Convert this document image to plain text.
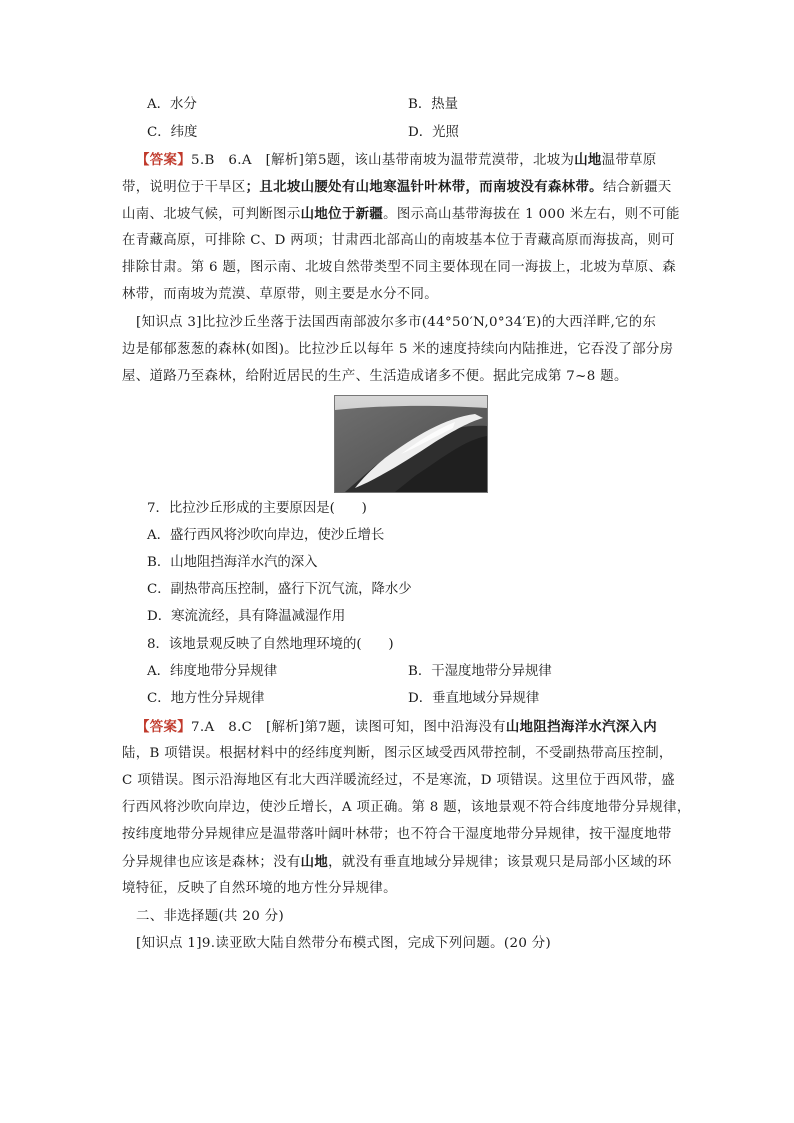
A．水分	B．热量
C．纬度	D．光照
【答案】5.B　6.A　[解析]第5题，该山基带南坡为温带荒漠带，北坡为山地温带草原
带，说明位于干旱区；且北坡山腰处有山地寒温针叶林带，而南坡没有森林带。结合新疆天
山南、北坡气候，可判断图示山地位于新疆。图示高山基带海拔在 1 000 米左右，则不可能
在青藏高原，可排除 C、D 两项；甘肃西北部高山的南坡基本位于青藏高原而海拔高，则可
排除甘肃。第 6 题，图示南、北坡自然带类型不同主要体现在同一海拔上，北坡为草原、森
林带，而南坡为荒漠、草原带，则主要是水分不同。
[知识点 3]比拉沙丘坐落于法国西南部波尔多市(44°50′N,0°34′E)的大西洋畔,它的东
边是郁郁葱葱的森林(如图)。比拉沙丘以每年 5 米的速度持续向内陆推进，它吞没了部分房
屋、道路乃至森林，给附近居民的生产、生活造成诸多不便。据此完成第 7~8 题。
7．比拉沙丘形成的主要原因是(　　)
A．盛行西风将沙吹向岸边，使沙丘增长
B．山地阻挡海洋水汽的深入
C．副热带高压控制，盛行下沉气流，降水少
D．寒流流经，具有降温减湿作用
8．该地景观反映了自然地理环境的(　　)
A．纬度地带分异规律	B．干湿度地带分异规律
C．地方性分异规律	D．垂直地域分异规律
【答案】7.A　8.C　[解析]第7题，读图可知，图中沿海没有山地阻挡海洋水汽深入内
陆，B 项错误。根据材料中的经纬度判断，图示区域受西风带控制，不受副热带高压控制，
C 项错误。图示沿海地区有北大西洋暖流经过，不是寒流，D 项错误。这里位于西风带，盛
行西风将沙吹向岸边，使沙丘增长，A 项正确。第 8 题，该地景观不符合纬度地带分异规律，
按纬度地带分异规律应是温带落叶阔叶林带；也不符合干湿度地带分异规律，按干湿度地带
分异规律也应该是森林；没有山地，就没有垂直地域分异规律；该景观只是局部小区域的环
境特征，反映了自然环境的地方性分异规律。
二、非选择题(共 20 分)
[知识点 1]9.读亚欧大陆自然带分布模式图，完成下列问题。(20 分)
